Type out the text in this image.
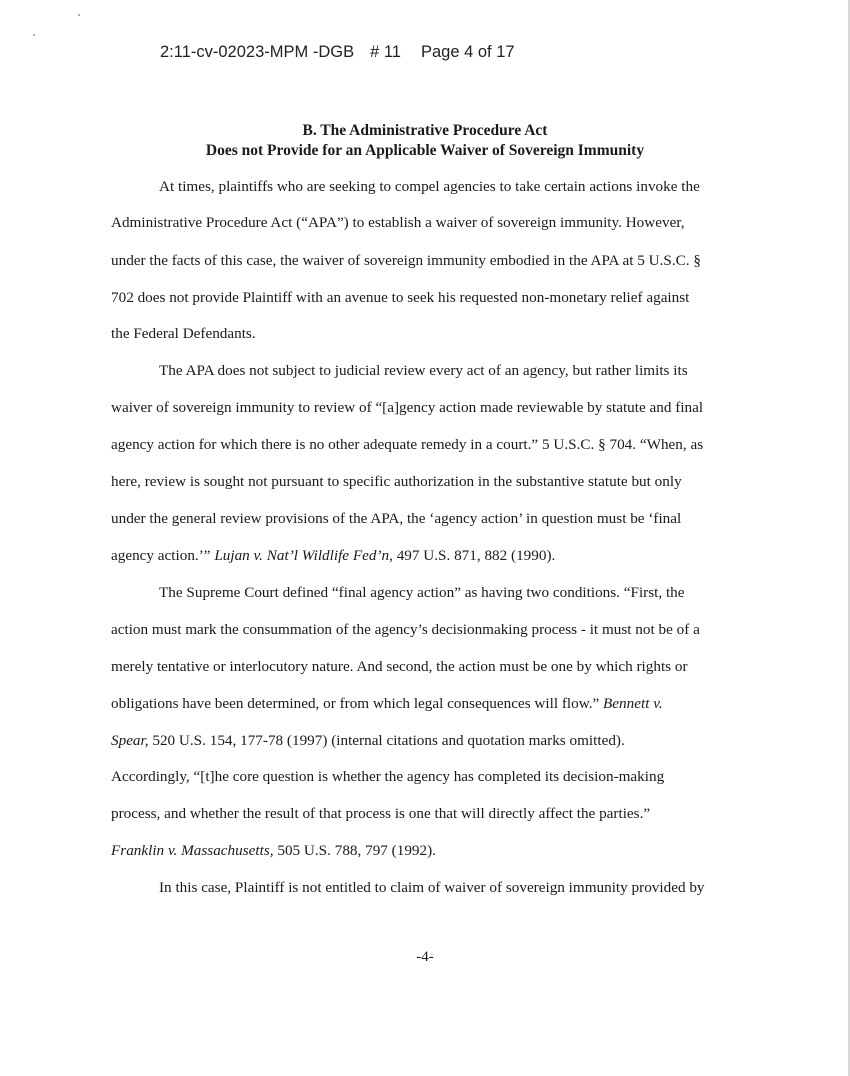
2:11-cv-02023-MPM -DGB # 11 Page 4 of 17
B. The Administrative Procedure Act
Does not Provide for an Applicable Waiver of Sovereign Immunity
At times, plaintiffs who are seeking to compel agencies to take certain actions invoke the
Administrative Procedure Act (“APA”) to establish a waiver of sovereign immunity. However,
under the facts of this case, the waiver of sovereign immunity embodied in the APA at 5 U.S.C. §
702 does not provide Plaintiff with an avenue to seek his requested non-monetary relief against
the Federal Defendants.
The APA does not subject to judicial review every act of an agency, but rather limits its
waiver of sovereign immunity to review of “[a]gency action made reviewable by statute and final
agency action for which there is no other adequate remedy in a court.” 5 U.S.C. § 704. “When, as
here, review is sought not pursuant to specific authorization in the substantive statute but only
under the general review provisions of the APA, the ‘agency action’ in question must be ‘final
agency action.’” Lujan v. Nat’l Wildlife Fed’n, 497 U.S. 871, 882 (1990).
The Supreme Court defined “final agency action” as having two conditions. “First, the
action must mark the consummation of the agency’s decisionmaking process - it must not be of a
merely tentative or interlocutory nature. And second, the action must be one by which rights or
obligations have been determined, or from which legal consequences will flow.” Bennett v.
Spear, 520 U.S. 154, 177-78 (1997) (internal citations and quotation marks omitted).
Accordingly, “[t]he core question is whether the agency has completed its decision-making
process, and whether the result of that process is one that will directly affect the parties.”
Franklin v. Massachusetts, 505 U.S. 788, 797 (1992).
In this case, Plaintiff is not entitled to claim of waiver of sovereign immunity provided by
-4-
